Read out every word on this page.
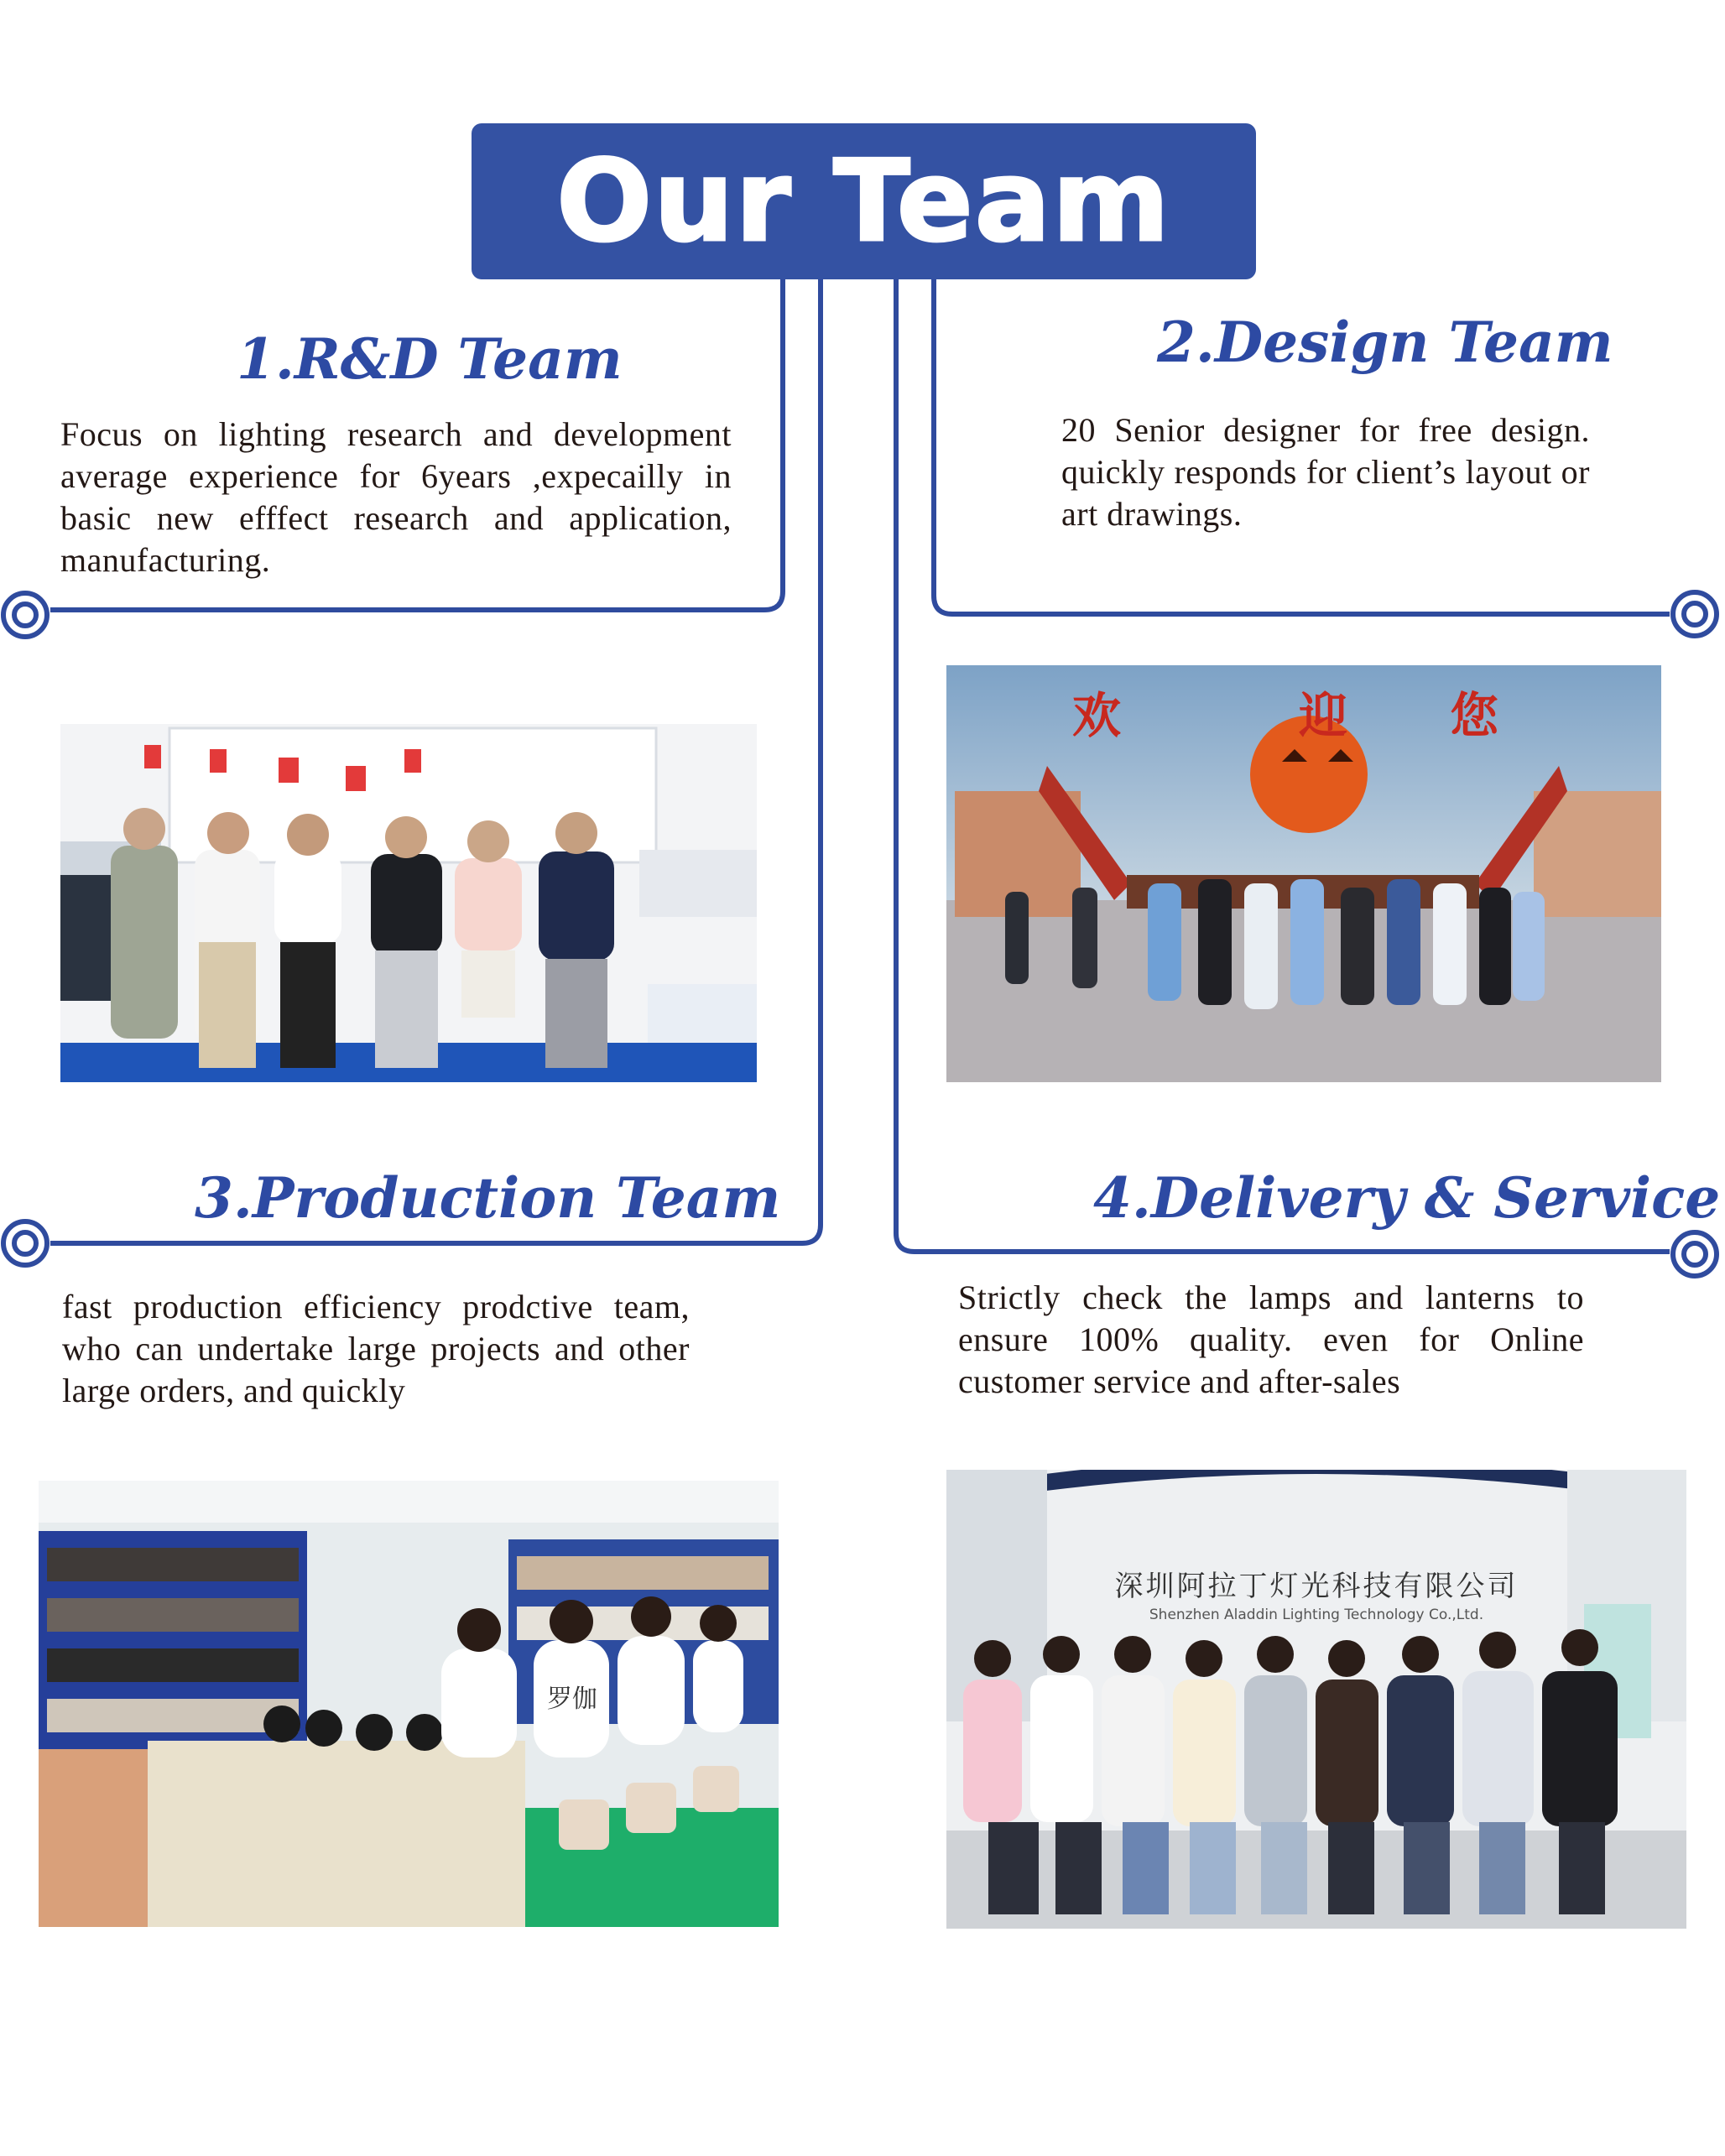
Our Team
1.R&D Team

Focus on lighting research and development average experience for 6years ,expecailly in basic new efffect research and application, manufacturing.

2.Design Team

20 Senior designer for free design. quickly responds for client’s layout or art drawings.

欢	迎 您
3.Production Team

fast production efficiency prodctive team, who can undertake large projects and other large orders, and quickly

罗伽
4.Delivery & Service

Strictly check the lamps and lanterns to ensure 100% quality. even for Online customer service and after-sales

深圳阿拉丁灯光科技有限公司
Shenzhen Aladdin Lighting Technology Co.,Ltd.
